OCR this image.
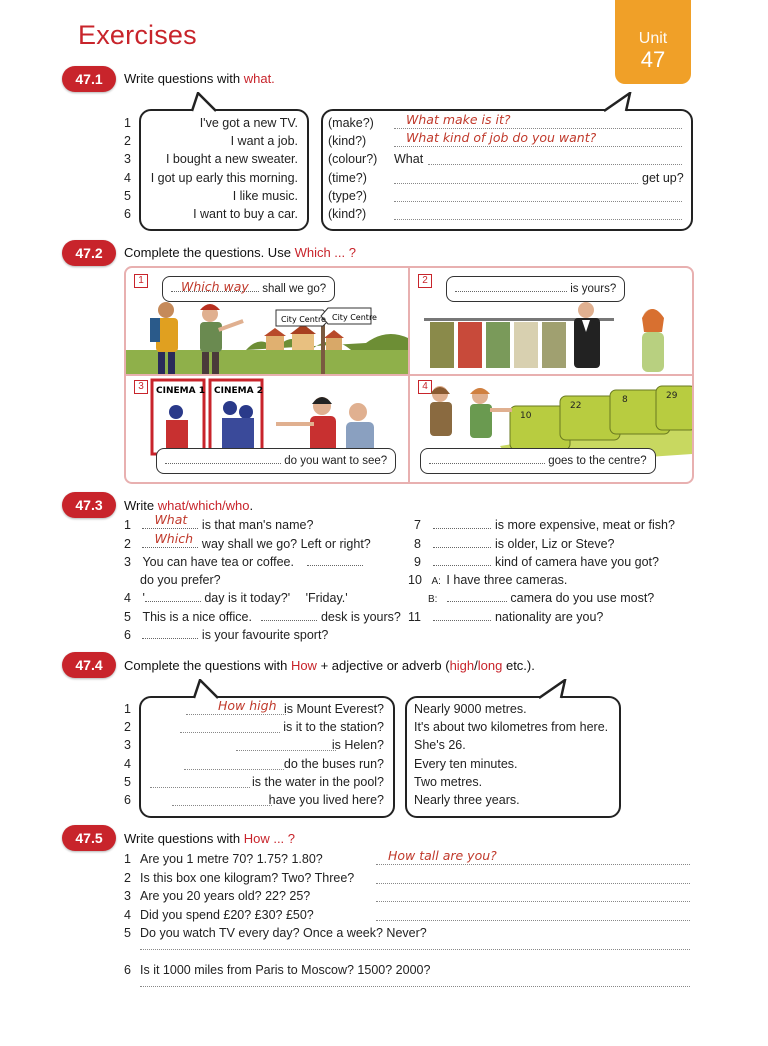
Exercises	Unit
47
47.1	Write questions with what.
1	I've got a new TV.
2	I want a job.
3	I bought a new sweater.
4 I got up early this morning.
5	I like music.
6	I want to buy a car.
(make?)	What make is it?
(kind?)	What kind of job do you want?
(colour?) What
(time?)	get up?
(type?)
(kind?)
47.2	Complete the questions. Use Which ... ?
1
City Centre City Centre
Which way shall we go?
2
is yours?
3	CINEMA 1 CINEMA 2
do you want to see?
4
10
22
8	29
goes to the centre?
47.3	Write what/which/who.
1 What is that man's name?
2 Which way shall we go? Left or right?
3 You can have tea or coffee.
do you prefer?
4 '	day is it today?' 'Friday.'
5 This is a nice office.	desk is yours?
6	is your favourite sport?
7	is more expensive, meat or fish?
8	is older, Liz or Steve?
9	kind of camera have you got?
10 A: I have three cameras.
B:	camera do you use most?
11	nationality are you?
47.4	Complete the questions with How + adjective or adverb (high/long etc.).
1	is Mount Everest?
How high
2	is it to the station?
3	is Helen?
4	do the buses run?
5	is the water in the pool?
6	have you lived here?
Nearly 9000 metres.
It's about two kilometres from here.
She's 26.
Every ten minutes.
Two metres.
Nearly three years.
47.5	Write questions with How ... ?
1 Are you 1 metre 70? 1.75? 1.80?	How tall are you?
2 Is this box one kilogram? Two? Three?
3 Are you 20 years old? 22? 25?
4 Did you spend £20? £30? £50?
5 Do you watch TV every day? Once a week? Never?
6 Is it 1000 miles from Paris to Moscow? 1500? 2000?
